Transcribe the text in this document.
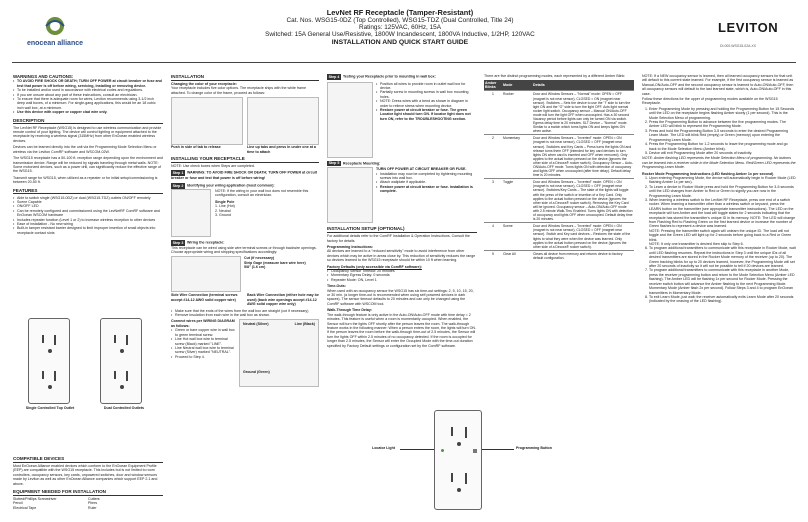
enocean alliance
LevNet RF Receptacle (Tamper-Resistant)
Cat. Nos. WSG15-0DZ (Top Controlled), WSG15-TDZ (Dual Controlled, Title 24)
Ratings: 125VAC, 60Hz, 15A
Switched: 15A General Use/Resistive, 1800W Incandescent, 1800VA Inductive, 1/2HP, 120VAC
INSTALLATION AND QUICK START GUIDE
LEVITON
DI-000-WSG15-02A-XX
WARNINGS AND CAUTIONS:
• TO AVOID FIRE SHOCK OR DEATH; TURN OFF POWER at circuit breaker or fuse and test that power is off before wiring, servicing, installing or removing device.
• To be installed and/or used in accordance with electrical codes and regulations.
• If you are unsure about any part of these instructions, consult an electrician.
• To ensure that there is adequate room for wires, Leviton recommends using 3-1/2 inch deep wall boxes, of a minimum. For single-gang applications, this would be an 18 cubic inch wall box, at a minimum.
• Use this device with copper or copper clad wire only.
DESCRIPTION
The LevNet RF Receptacle (WSG15) is designed to use wireless communication and provide remote control of your lighting. The device will control lighting or equipment attached to the receptacle by receiving a wireless signal (315MHz) from other EnOcean enabled wireless devices.
Devices can be learned directly into the unit via the Programming Mode Selection Menu or wireless via the Leviton ComRF software and WSCOM-02W.
The WSG15 receptacle has a 50-100 ft. reception range depending upon the environment and transmission device. Range will be reduced by signals traveling through metal walls. NOTE: Some motorized devices, such as a power drill, can significantly reduce the effective range of the WSG15.
Transmit range for WSG15, when utilized as a repeater or for initial setup/commissioning is between 20-50 ft.
FEATURES
• Able to switch single (WSG15-0DZ) or dual (WSG15-TDZ) outlets ON/OFF remotely
• Scene Capable
• ON/OFF LED
• Can be remotely configured and commissioned using the LevNetRF ComRF software and EnOcean WSCOM hardware
• Includes repeater function (Level 1 or 2) to increase wireless reception to other devices
• Ease of installation - No new wiring
• Built-in tamper resistant barrier designed to limit improper insertion of small objects into receptacle contact slots
Single Controlled Top Outlet	Dual Controlled Outlets
COMPATIBLE DEVICES
Most EnOcean Alliance enabled devices which conform to the EnOcean Equipment Profile (EEP) are compatible with the WSG15 receptacle. This includes but is not limited to room controllers, occupancy sensors, key cards, unpowered switches, door and window sensors made by Leviton as well as other EnOcean Alliance companies which support EEP 2.1 and above.
EQUIPMENT NEEDED FOR INSTALLATION
Slotted/Phillips Screwdriver	Cutters
Pencil	Pliers
Electrical Tape	Ruler
INSTALLATION
Changing the color of your receptacle:
Your receptacle includes five color options. The receptacle ships with the white frame attached. To change color of the frame, proceed as follows:
Push in side of tab to release	Line up tabs and press in under one at a time to attach
INSTALLING YOUR RECEPTACLE
NOTE: Use check boxes when Steps are completed.
Step 1 WARNING: TO AVOID FIRE SHOCK OR DEATH; TURN OFF POWER at circuit breaker or fuse and test that power is off before wiring!
Step 2 Identifying your wiring application (most common):
NOTE: If the wiring in your wall box does not resemble this configuration, consult an electrician.
Single Pole
1. Line (Hot)
2. Neutral
3. Ground
Step 3 Wiring the receptacle:
This receptacle can be wired using side wire terminal screws or through backwire openings. Choose appropriate wiring and stripping specifications accordingly:
Cut (if necessary)
Strip Gage (measure bare wire here)
5/8" (1.6 cm)
Side Wire Connection (terminal screws accept #14-12 AWG solid copper wire)
Back Wire Connection (either hole may be used) (back wire openings accept #14-12 AWG solid copper wire only)
• Make sure that the ends of the wires from the wall box are straight (cut if necessary)
• Remove insulation from each wire in the wall box as shown.
Connect wires per WIRING DIAGRAM as follows:
• Green or bare copper wire in wall box to green terminal screw.
• Line Hot wall box wire to terminal screw (Black) marked "LINE".
• Line Neutral wall box wire to terminal screw (Silver) marked "NEUTRAL".
• Proceed to Step 4.
Neutral (Silver)	Line (Black)
Ground (Green)
Step 4 Testing your Receptacle prior to mounting in wall box:
• Position all wires to provide room in outlet wall box for device.
• Partially screw in mounting screws in wall box mounting holes.
• NOTE: Dress wires with a bend as shown in diagram in order to relieve stress when mounting device.
• Restore power at circuit breaker or fuse. The green Locator light should turn ON. If locator light does not turn ON, refer to the TROUBLESHOOTING section.
Step 5 Receptacle Mounting:
TURN OFF POWER AT CIRCUIT BREAKER OR FUSE.
• Installation may now be completed by tightening mounting screws into wall box.
• Attach wallplate if applicable.
• Restore power at circuit breaker or fuse. Installation is complete.
INSTALLATION SETUP (OPTIONAL)
For additional details refer to the ComRF Installation & Operation Instructions. Consult the factory for details.
Programming Instructions:
All devices are learned to a "reduced sensitivity" mode to avoid interference from other devices which may be active in areas close by. This reduction of sensitivity reduces the range so devices learned to the WSG15 receptacle should be within 10 ft when learning.
Factory Defaults (only accessible via ComRF software):
• Occupancy Sensor Timeout: 20 minutes
• Momentary Egress Delay: 0 seconds
• Repeater Mode: ON, Level 1
Time-Outs:
When used with an occupancy sensor the WSG15 has six time-out settings: 2, 5, 10, 15, 20, or 30 min. (a longer time-out is recommended when using self powered devices in dark spaces). The sensor timeout defaults to 20 minutes and can only be changed using the ComRF software with WSCOM tool.
Walk-Through Time Delay:
The walk-through feature is only active in the Auto-ON/Auto-OFF mode with time delay = 2 minutes. This feature is useful when a room is momentarily occupied. When enabled, the Sensor will turn the lights OFF shortly after the person leaves the room. The walk-through feature works in the following manner: When a person enters the room, the lights will turn ON. If the person leaves the room before the walk-through time-out of 2.5 minutes, the Sensor will turn the lights OFF within 2.5 minutes of no occupancy detected. If the room is occupied for longer than 2.5 minutes, the Sensor will enter the Occupied Mode with the time-out duration specified by Factory Default settings or configuration set by the ComRF software.
Locator Light	Programming Button
There are five distinct programming modes, each represented by a different Amber Blink:
Amber Blinks	Mode	Details
1	Rocker	Door and Window Sensors – "Normal" mode: OPEN = OFF (magnet is not near sensor), CLOSED = ON (magnet near sensor). Switches – Sets the device to use the "I" side to turn the light ON and the "O" side to turn the light OFF. Acts light normal rocker light switch. Occupancy sensor – Manual ON/Auto-OFF mode will turn the light OFF when unoccupied. Has a 30 second Vacancy period before lights can only be turned ON via switch. Egress delay time is 20 minutes. SLT Device – "Normal" mode. Similar to a switch which turns lights ON and keeps lights ON when active.
2	Momentary	Door and Window Sensors – "Inverted" mode: OPEN = ON (magnet is not near sensor), CLOSED = OFF (magnet near sensor). Switches and Key Cards – Press turns the lights ON and release turns them OFF (intended for key card devices to turn lights ON when card is inserted and OFF when removed). Only applies to the actual button pressed on the device (ignores the other side of a Decora® rocker switch). Occupancy Sensor – Auto-ON/Auto-OFF mode. Turns lights ON with detection of occupancy and lights OFF when unoccupied (after time delay). Default delay time is 20 minutes.
3	Toggle	Door and Window Sensors – "Inverted" mode: OPEN = ON (magnet is not near sensor), CLOSED = OFF (magnet near sensor). Switches/Key Cards – The state of the lights will toggle with the press of the switch or insertion of a Key Card. Only applies to the actual button pressed on the device (ignores the other side of a Decora® rocker switch). Removing the Key Card will be ignored. Occupancy sensor – Auto-ON/Auto-OFF mode with 2.5 minute Walk-Thru Enabled. Turns lights ON with detection of occupancy and lights OFF when unoccupied. Default delay time is 20 minutes.
4	Scene	Door and Window Sensors – "Inverted" mode: OPEN = ON (magnet is not near sensor), CLOSED = OFF (magnet near sensor). Switch and Key card devices – Restores the state of the lights to what they were when the device was learned. Only applies to the actual button pressed on the device (ignores the other side of a Decora® rocker switch).
5	Clear All	Clears all device from memory and returns device to factory default configuration.
NOTE: If a NEW occupancy sensor is learned, then all learned occupancy sensors for that unit will default to this current state learned. For example, if the first occupancy sensor is learned as Manual-ON/Auto-OFF and the second occupancy sensor is learned to Auto-ON/Auto-OFF, then all occupancy sensors will default to the last learned state, which is, Auto-ON/Auto-OFF in this case.
Follow these directions for the upper of programming modes available on the WSG15 Receptacle.
1. Enter Programming Mode by pressing and holding the Programming Button for 15 Seconds until the LED on the receptacle begins flashing Amber slowly (1 per second). This is the Mode Selection Menu of programming.
2. Press the Programming Button to advance between the five programming modes. The Amber LED will blink to represent the Programming Mode.
3. Press and hold the Programming Button 3-5 seconds to enter the desired Programming Learn Mode. The LED will blink Red (empty) or Green (memory) upon entering the Programming Learn Mode.
4. Press the Programming Button for 1-2 seconds to leave the programming mode and go back to the Mode Selection Menu (Amber blink).
5. Device will exit Programming Mode after 20 seconds of inactivity.
NOTE: Amber flashing LED represents the Mode Selection Menu of programming. No buttons can be learned into a receiver while in the Mode Selection Menu. Red/Green LED represents the Programming Learn Mode.
Rocker Mode Programming Instructions (LED flashing Amber 1x per second)
1. Upon entering Programming Mode, the device will automatically begin in Rocker Mode (LED flashing Amber 1x per sec).
2. To Learn a device in Rocker Mode press and hold the Programming Button for 3-5 seconds until the LED changes from Amber to Red or Green to signify you are now in the Programming Learn Mode.
3. When learning a wireless switch to the LevNet RF Receptacle, press one end of a switch rocker. When learning a transmitter other than a wireless switch or keycard, press the LEARN button on the transmitter (see appropriate transmitter instructions). The LED on the receptacle will turn Amber and the load will toggle states for 2 seconds indicating that the receptacle has stored the transmitter's unique ID in its memory. NOTE: The LED will change from Flashing Red to Flashing Green on the first learned device or increase the number of Green flashes to represent a device was learned.
NOTE: Pressing the transmitter switch again will unlearn the unique ID. The load will not toggle and the Green LED will light up for 2 seconds before going back to a Red or Green blink.
NOTE: It only one transmitter is desired then skip to Step 6.
6. To program additional transmitters to communicate with this receptacle in Rocker Mode, wait until LED flashing resumes. Repeat the instructions in Step 3 until the unique IDs of all desired transmitters are stored in the Rocker Mode memory of the receiver (up to 20). The Green tracking blinks for up to 20 devices learned, however, the Programming Mode will set after 20 seconds of inactivity so it will not be possible to tell if 20 devices are learned.
7. To program additional transmitters to communicate with this receptacle in another Mode, press the receiver programming button and return to the Mode Selection Menu (Amber LED flashing). The Amber LED will be flashing 1x per second for Rocker Mode. Pressing the receiver switch button will advance the Amber flashing to the next Programming Mode. Momentary Mode (Amber flash 2x per second). Follow Steps 3 and 4 to program EnOcean transmitters in Momentary Mode.
8. To exit Learn Mode, just wait; the receiver automatically exits Learn Mode after 20 seconds (indicated by the ceasing of the LED flashing).
